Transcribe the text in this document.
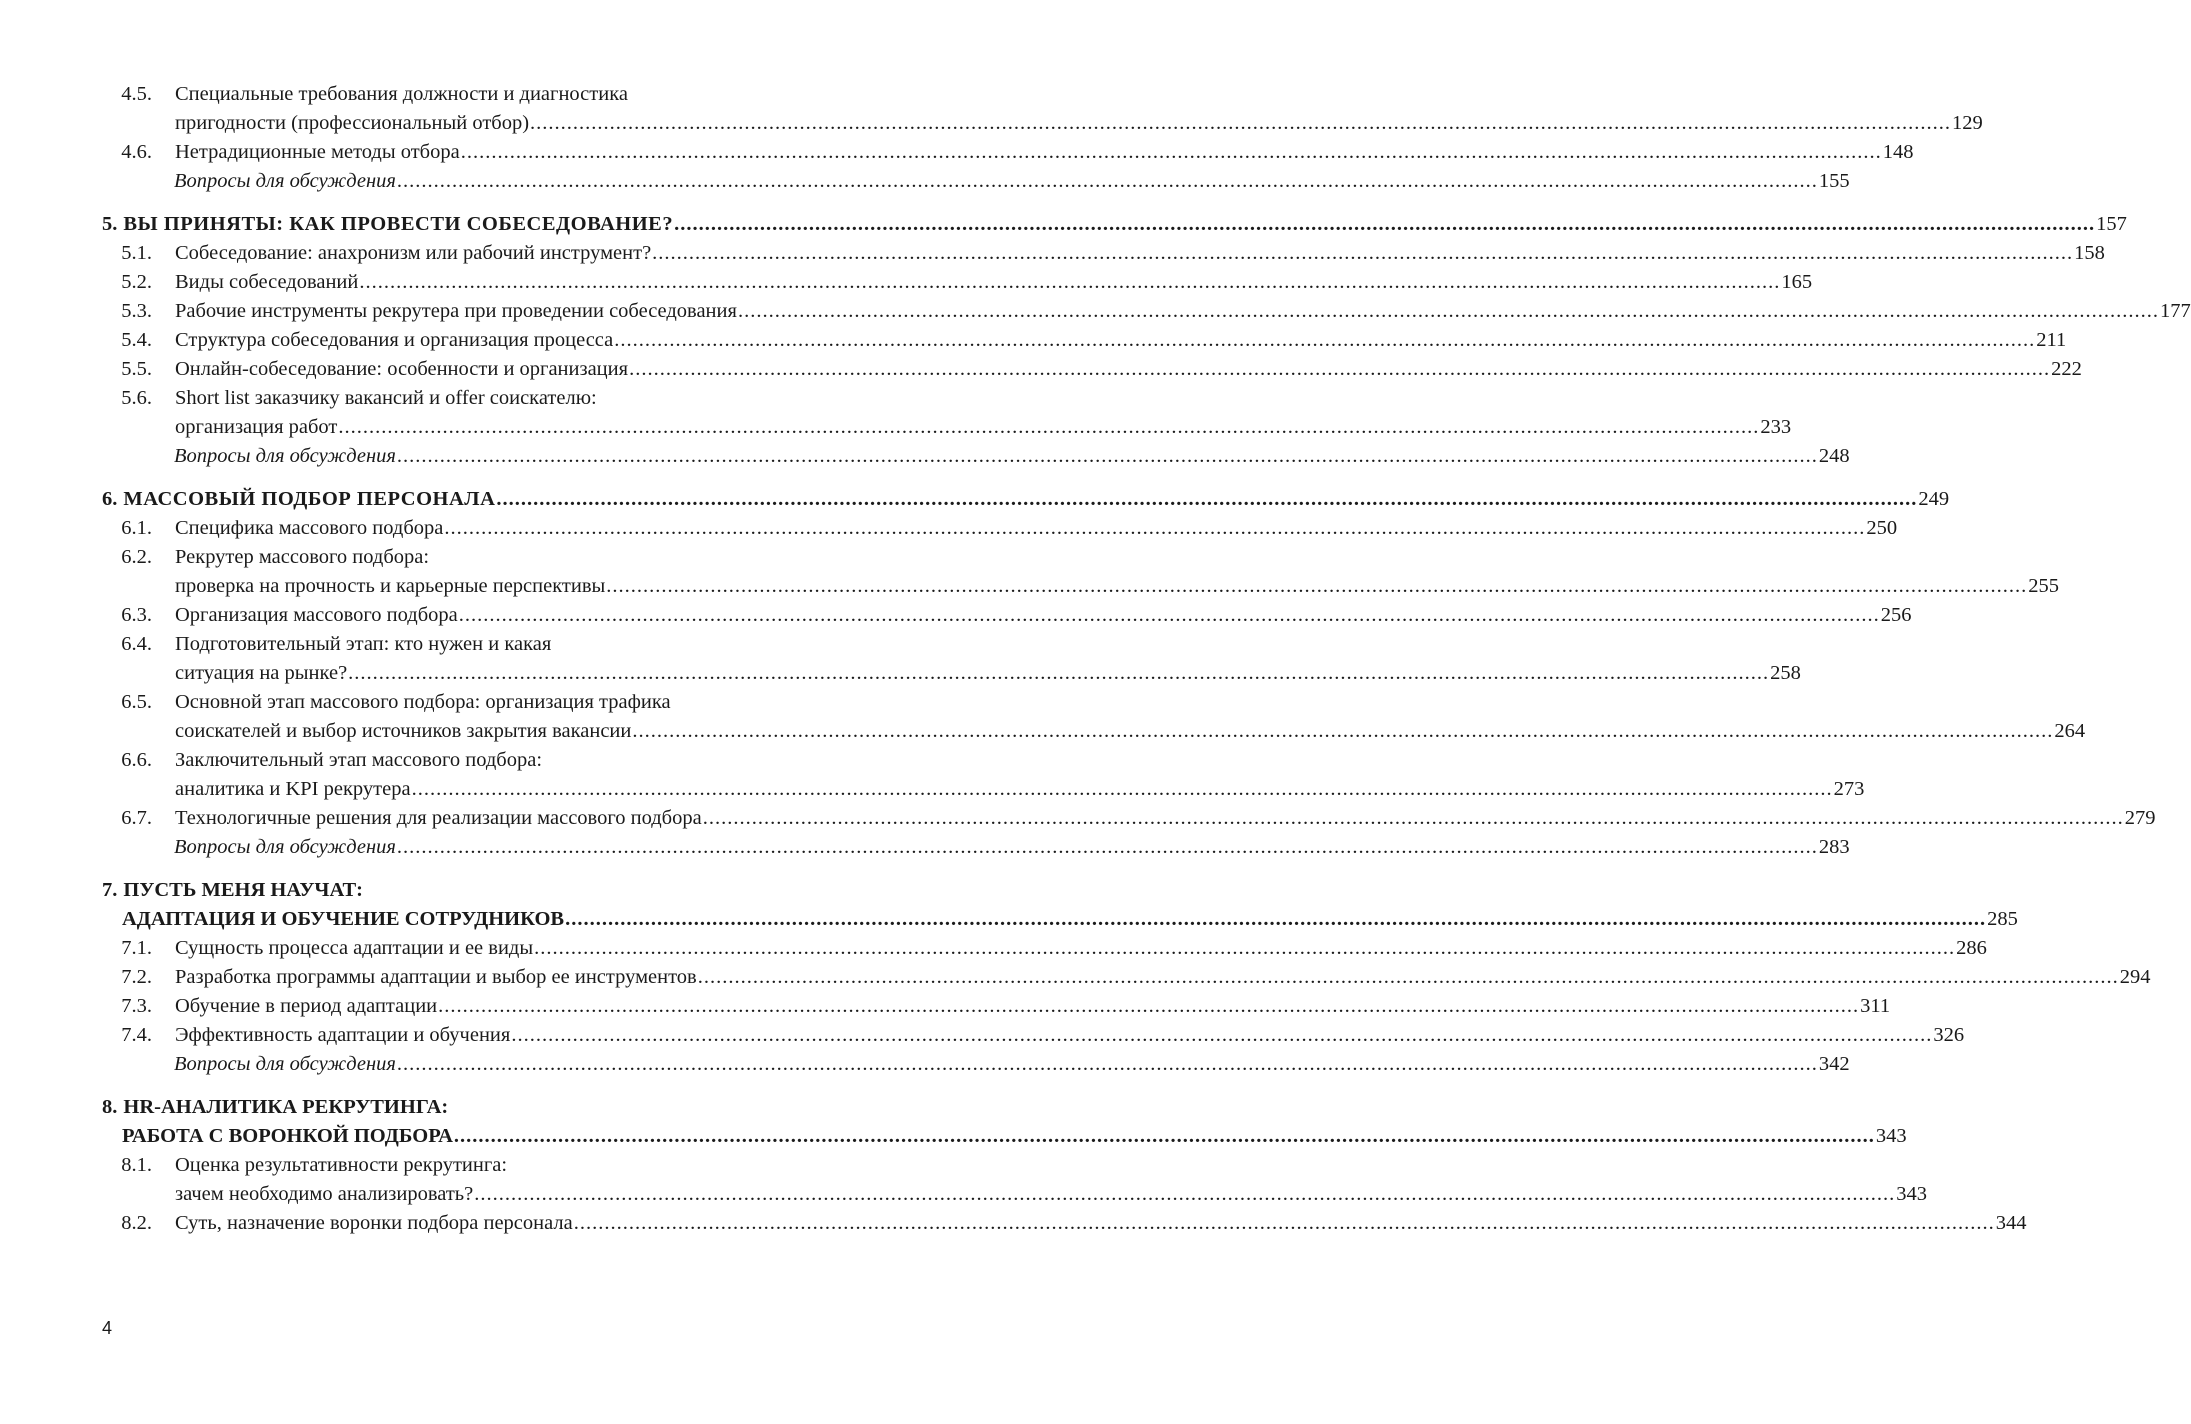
4.5. Специальные требования должности и диагностика
пригодности (профессиональный отбор) .....	129
4.6. Нетрадиционные методы отбора .....	148
Вопросы для обсуждения .....	155
5. ВЫ ПРИНЯТЫ: КАК ПРОВЕСТИ СОБЕСЕДОВАНИЕ? .....	157
5.1. Собеседование: анахронизм или рабочий инструмент? .....	158
5.2. Виды собеседований .....	165
5.3. Рабочие инструменты рекрутера при проведении собеседования .....	177
5.4. Структура собеседования и организация процесса .....	211
5.5. Онлайн-собеседование: особенности и организация .....	222
5.6. Short list заказчику вакансий и offer соискателю:
организация работ .....	233
Вопросы для обсуждения .....	248
6. МАССОВЫЙ ПОДБОР ПЕРСОНАЛА .....	249
6.1. Специфика массового подбора .....	250
6.2. Рекрутер массового подбора:
проверка на прочность и карьерные перспективы .....	255
6.3. Организация массового подбора .....	256
6.4. Подготовительный этап: кто нужен и какая
ситуация на рынке? .....	258
6.5. Основной этап массового подбора: организация трафика
соискателей и выбор источников закрытия вакансии .....	264
6.6. Заключительный этап массового подбора:
аналитика и KPI рекрутера .....	273
6.7. Технологичные решения для реализации массового подбора .....	279
Вопросы для обсуждения .....	283
7. ПУСТЬ МЕНЯ НАУЧАТ:
АДАПТАЦИЯ И ОБУЧЕНИЕ СОТРУДНИКОВ .....	285
7.1. Сущность процесса адаптации и ее виды .....	286
7.2. Разработка программы адаптации и выбор ее инструментов .....	294
7.3. Обучение в период адаптации .....	311
7.4. Эффективность адаптации и обучения .....	326
Вопросы для обсуждения .....	342
8. HR-АНАЛИТИКА РЕКРУТИНГА:
РАБОТА С ВОРОНКОЙ ПОДБОРА .....	343
8.1. Оценка результативности рекрутинга:
зачем необходимо анализировать? .....	343
8.2. Суть, назначение воронки подбора персонала .....	344
4
